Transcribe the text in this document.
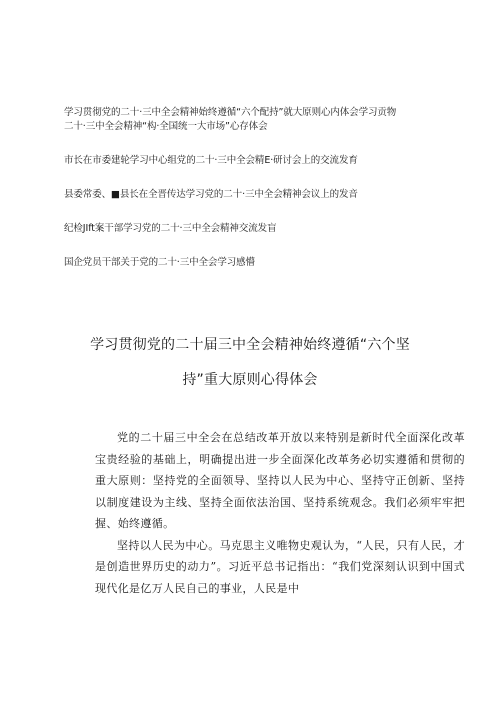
学习贯彻党的二十·三中全会精神始终遵循“六个配持”就大原则心内体会学习贡物
二十·三中全会精神“构·全国统一大市场”心存体会
市长在市委建轮学习中心组党的二十·三中全会精E·研讨会上的交流发育
县委常委、■县长在全晋传达学习党的二十·三中全会精神会议上的发音
纪检JIft案干部学习党的二十·三中全会精神交流发盲
国企党员干部关于党的二十·三中全会学习感懵
学习贯彻党的二十届三中全会精神始终遵循“六个坚
持”重大原则心得体会

党的二十届三中全会在总结改革开放以来特别是新时代全面深化改革宝贵经验的基础上，明确提出进一步全面深化改革务必切实遵循和贯彻的重大原则：坚持党的全面领导、坚持以人民为中心、坚持守正创新、坚持以制度建设为主线、坚持全面依法治国、坚持系统观念。我们必须牢牢把握、始终遵循。

坚持以人民为中心。马克思主义唯物史观认为，“人民，只有人民，才是创造世界历史的动力”。习近平总书记指出：“我们党深刻认识到中国式现代化是亿万人民自己的事业，人民是中
